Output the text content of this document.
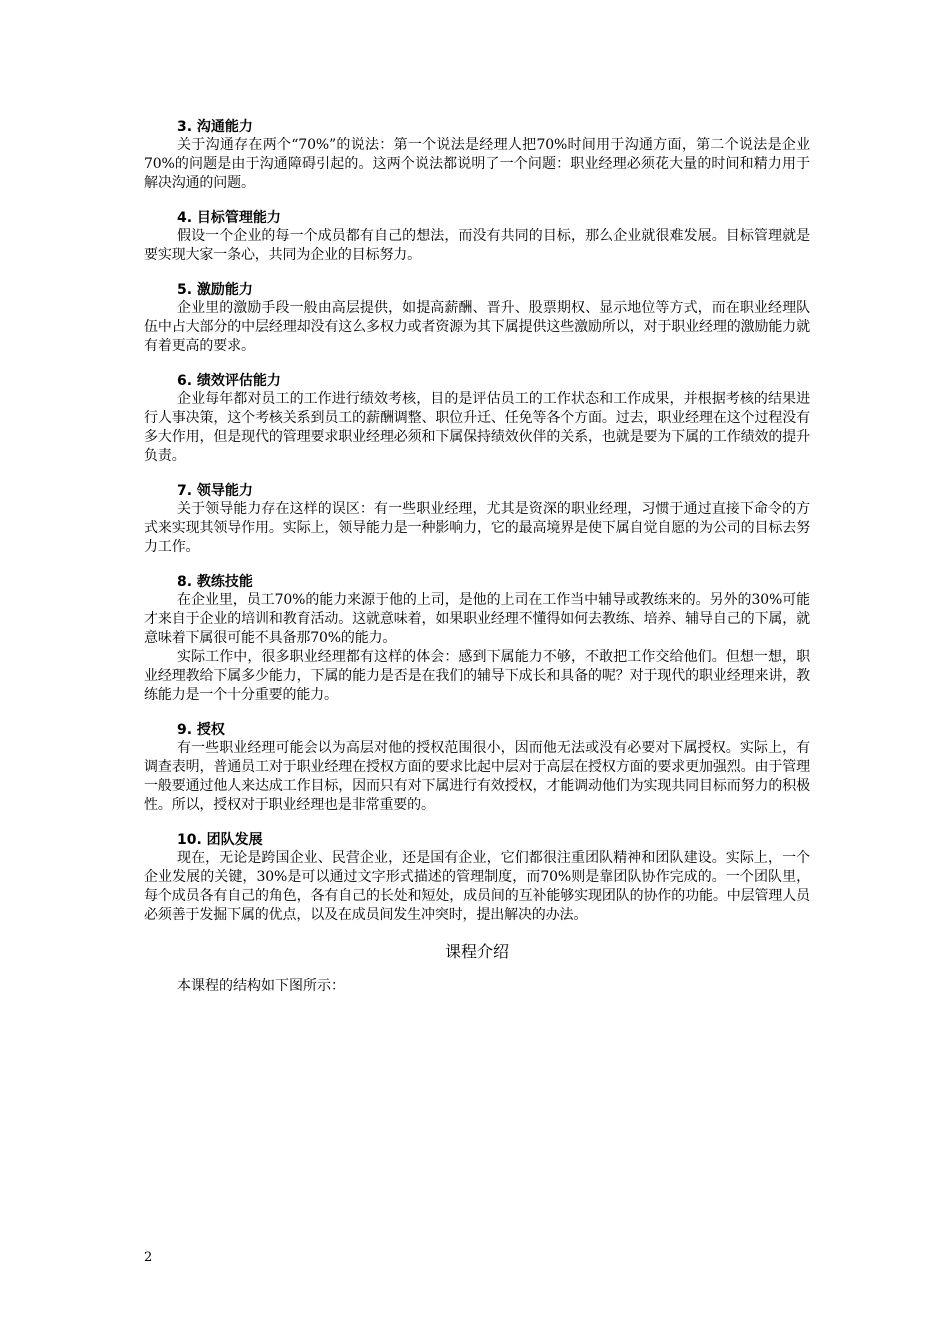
3. 沟通能力

关于沟通存在两个“70%”的说法：第一个说法是经理人把70%时间用于沟通方面，第二个说法是企业70%的问题是由于沟通障碍引起的。这两个说法都说明了一个问题：职业经理必须花大量的时间和精力用于解决沟通的问题。

4. 目标管理能力

假设一个企业的每一个成员都有自己的想法，而没有共同的目标，那么企业就很难发展。目标管理就是要实现大家一条心，共同为企业的目标努力。

5. 激励能力

企业里的激励手段一般由高层提供，如提高薪酬、晋升、股票期权、显示地位等方式，而在职业经理队伍中占大部分的中层经理却没有这么多权力或者资源为其下属提供这些激励所以，对于职业经理的激励能力就有着更高的要求。

6. 绩效评估能力

企业每年都对员工的工作进行绩效考核，目的是评估员工的工作状态和工作成果，并根据考核的结果进行人事决策，这个考核关系到员工的薪酬调整、职位升迁、任免等各个方面。过去，职业经理在这个过程没有多大作用，但是现代的管理要求职业经理必须和下属保持绩效伙伴的关系，也就是要为下属的工作绩效的提升负责。

7. 领导能力

关于领导能力存在这样的误区：有一些职业经理，尤其是资深的职业经理，习惯于通过直接下命令的方式来实现其领导作用。实际上，领导能力是一种影响力，它的最高境界是使下属自觉自愿的为公司的目标去努力工作。

8. 教练技能

在企业里，员工70%的能力来源于他的上司，是他的上司在工作当中辅导或教练来的。另外的30%可能才来自于企业的培训和教育活动。这就意味着，如果职业经理不懂得如何去教练、培养、辅导自己的下属，就意味着下属很可能不具备那70%的能力。

实际工作中，很多职业经理都有这样的体会：感到下属能力不够，不敢把工作交给他们。但想一想，职业经理教给下属多少能力，下属的能力是否是在我们的辅导下成长和具备的呢？对于现代的职业经理来讲，教练能力是一个十分重要的能力。

9. 授权

有一些职业经理可能会以为高层对他的授权范围很小，因而他无法或没有必要对下属授权。实际上，有调查表明，普通员工对于职业经理在授权方面的要求比起中层对于高层在授权方面的要求更加强烈。由于管理一般要通过他人来达成工作目标，因而只有对下属进行有效授权，才能调动他们为实现共同目标而努力的积极性。所以，授权对于职业经理也是非常重要的。

10. 团队发展

现在，无论是跨国企业、民营企业，还是国有企业，它们都很注重团队精神和团队建设。实际上，一个企业发展的关键，30%是可以通过文字形式描述的管理制度，而70%则是靠团队协作完成的。一个团队里，每个成员各有自己的角色，各有自己的长处和短处，成员间的互补能够实现团队的协作的功能。中层管理人员必须善于发掘下属的优点，以及在成员间发生冲突时，提出解决的办法。

课程介绍

本课程的结构如下图所示：

2
